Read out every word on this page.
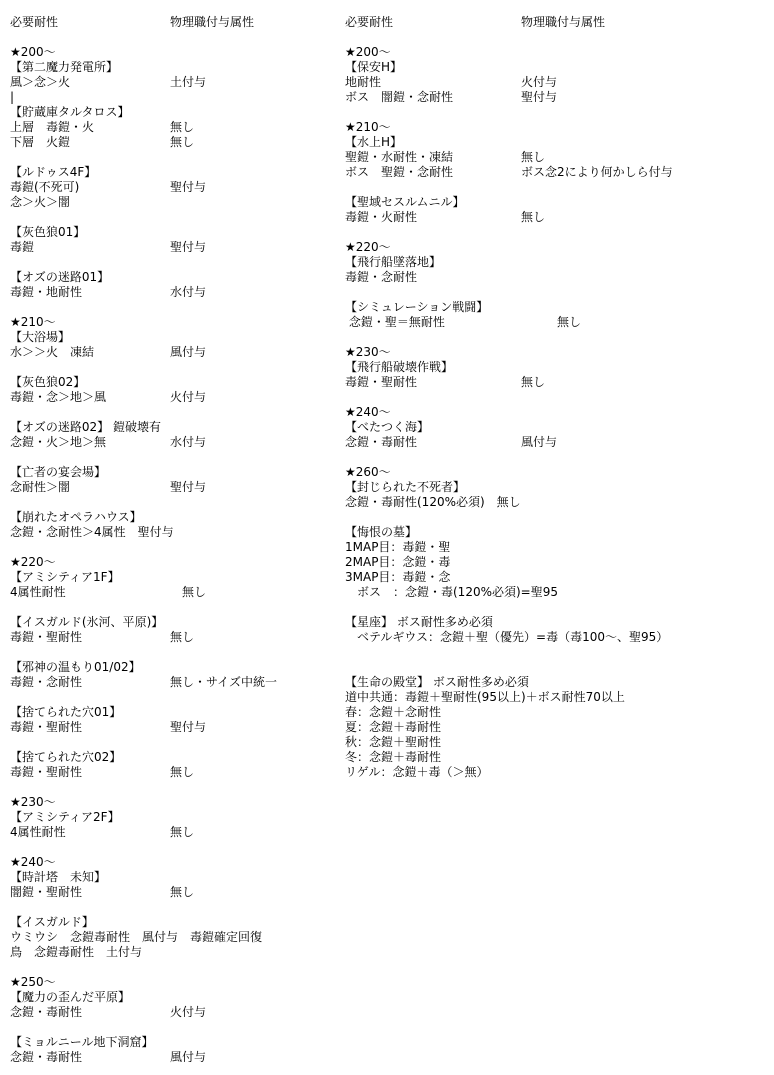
必要耐性	物理職付与属性
★200～
【第二魔力発電所】
風＞念＞火	土付与
|
【貯蔵庫タルタロス】
上層　毒鎧・火	無し
下層　火鎧	無し
【ルドゥス4F】
毒鎧(不死可)	聖付与
念＞火＞闇
【灰色狼01】
毒鎧	聖付与
【オズの迷路01】
毒鎧・地耐性	水付与
★210～
【大浴場】
水＞＞火　凍結	風付与
【灰色狼02】
毒鎧・念＞地＞風	火付与
【オズの迷路02】 鎧破壊有
念鎧・火＞地＞無	水付与
【亡者の宴会場】
念耐性＞闇	聖付与
【崩れたオペラハウス】
念鎧・念耐性＞4属性　聖付与
★220～
【アミシティア1F】
4属性耐性	　無し
【イスガルド(氷河、平原)】
毒鎧・聖耐性	無し
【邪神の温もり01/02】
毒鎧・念耐性	無し・サイズ中統一
【捨てられた穴01】
毒鎧・聖耐性	聖付与
【捨てられた穴02】
毒鎧・聖耐性	無し
★230～
【アミシティア2F】
4属性耐性	無し
★240～
【時計塔　未知】
闇鎧・聖耐性	無し
【イスガルド】
ウミウシ　念鎧毒耐性　風付与　毒鎧確定回復
鳥　念鎧毒耐性　土付与
★250～
【魔力の歪んだ平原】
念鎧・毒耐性	火付与
【ミョルニール地下洞窟】
念鎧・毒耐性	風付与
必要耐性	物理職付与属性
★200～
【保安H】
地耐性	火付与
ボス　闇鎧・念耐性	聖付与
★210～
【水上H】
聖鎧・水耐性・凍結	無し
ボス　聖鎧・念耐性	ボス念2により何かしら付与
【聖域セスルムニル】
毒鎧・火耐性	無し
★220～
【飛行船墜落地】
毒鎧・念耐性
【シミュレーション戦闘】
念鎧・聖＝無耐性	　　　無し
★230～
【飛行船破壊作戦】
毒鎧・聖耐性	無し
★240～
【べたつく海】
念鎧・毒耐性	風付与
★260～
【封じられた不死者】
念鎧・毒耐性(120%必須)　無し
【悔恨の墓】
1MAP目：毒鎧・聖
2MAP目：念鎧・毒
3MAP目：毒鎧・念
　ボス　：念鎧・毒(120%必須)=聖95
【星座】 ボス耐性多め必須
　ベテルギウス：念鎧＋聖（優先）=毒（毒100～、聖95）
【生命の殿堂】 ボス耐性多め必須
道中共通：毒鎧＋聖耐性(95以上)＋ボス耐性70以上
春：念鎧＋念耐性
夏：念鎧＋毒耐性
秋：念鎧＋聖耐性
冬：念鎧＋毒耐性
リゲル：念鎧＋毒（＞無）
